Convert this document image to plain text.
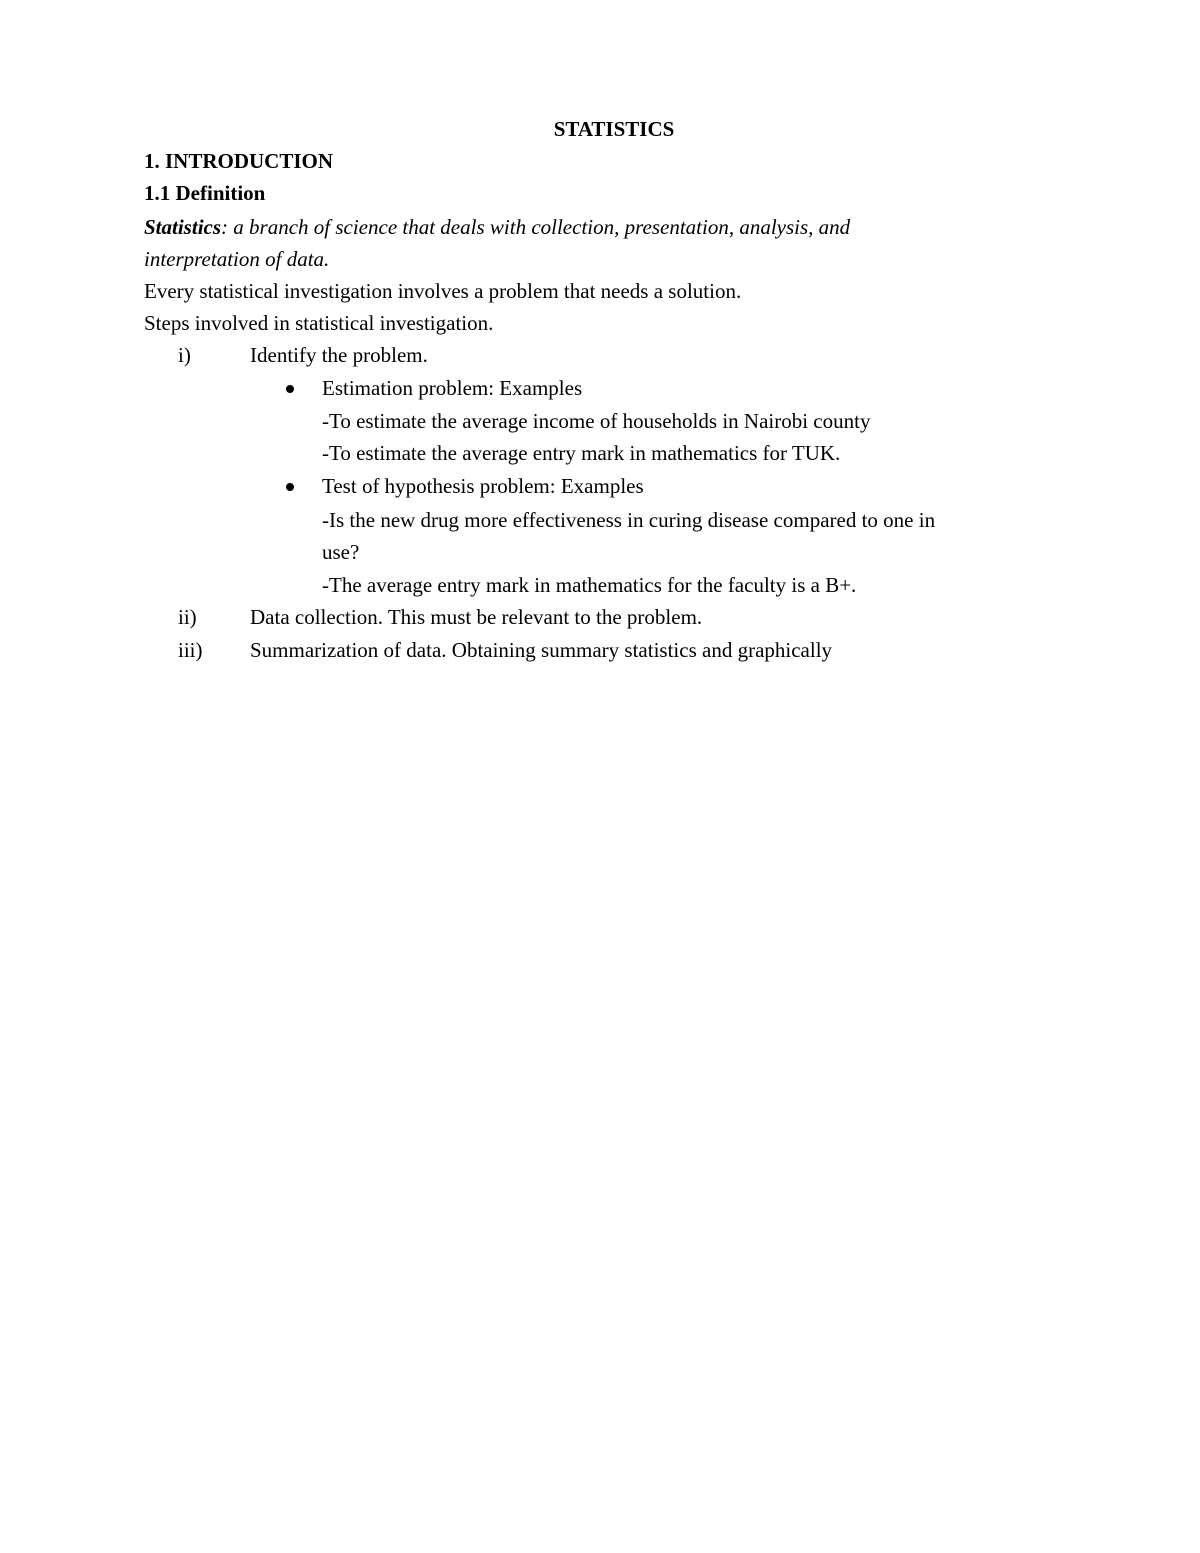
STATISTICS
1. INTRODUCTION
1.1 Definition
Statistics: a branch of science that deals with collection, presentation, analysis, and
interpretation of data.
Every statistical investigation involves a problem that needs a solution.
Steps involved in statistical investigation.
i)	Identify the problem.
Estimation problem: Examples
-To estimate the average income of households in Nairobi county
-To estimate the average entry mark in mathematics for TUK.
Test of hypothesis problem: Examples
-Is the new drug more effectiveness in curing disease compared to one in
use?
-The average entry mark in mathematics for the faculty is a B+.
ii)	Data collection. This must be relevant to the problem.
iii) Summarization of data. Obtaining summary statistics and graphically
